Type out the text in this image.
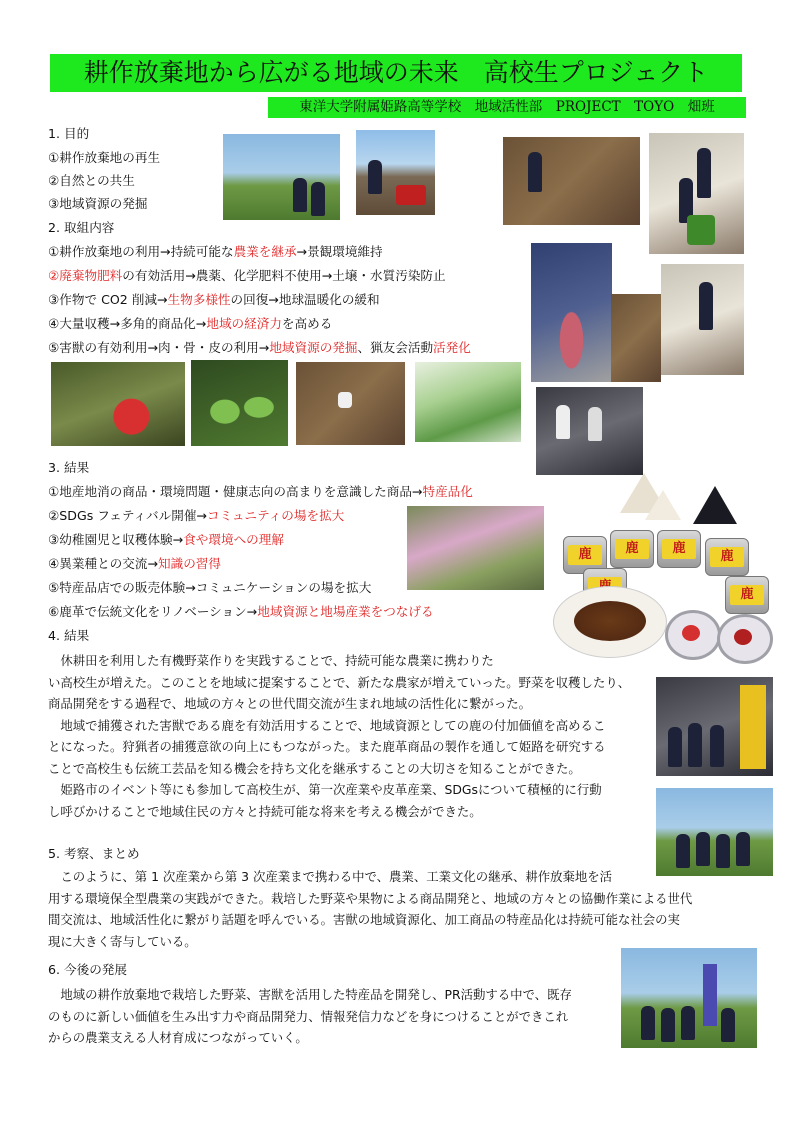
耕作放棄地から広がる地域の未来　高校生プロジェクト
東洋大学附属姫路高等学校　地域活性部　PROJECT　TOYO　畑班
1. 目的
①耕作放棄地の再生
②自然との共生
③地域資源の発掘
2. 取組内容
①耕作放棄地の利用→持続可能な農業を継承→景観環境維持
②廃棄物肥料の有効活用→農薬、化学肥料不使用→土壌・水質汚染防止
③作物で CO2 削減→生物多様性の回復→地球温暖化の緩和
④大量収穫→多角的商品化→地域の経済力を高める
⑤害獣の有効利用→肉・骨・皮の利用→地域資源の発掘、猟友会活動活発化
3. 結果
①地産地消の商品・環境問題・健康志向の高まりを意識した商品→特産品化
②SDGs フェティバル開催→コミュニティの場を拡大
③幼稚園児と収穫体験→食や環境への理解
④異業種との交流→知識の習得
⑤特産品店での販売体験→コミュニケーションの場を拡大
⑥鹿革で伝統文化をリノベーション→地域資源と地場産業をつなげる
4. 結果
　休耕田を利用した有機野菜作りを実践することで、持続可能な農業に携わりた
い高校生が増えた。このことを地域に提案することで、新たな農家が増えていった。野菜を収穫したり、
商品開発をする過程で、地域の方々との世代間交流が生まれ地域の活性化に繋がった。
　地域で捕獲された害獣である鹿を有効活用することで、地域資源としての鹿の付加価値を高めるこ
とになった。狩猟者の捕獲意欲の向上にもつながった。また鹿革商品の製作を通して姫路を研究する
ことで高校生も伝統工芸品を知る機会を持ち文化を継承することの大切さを知ることができた。
　姫路市のイベント等にも参加して高校生が、第一次産業や皮革産業、SDGsについて積極的に行動
し呼びかけることで地域住民の方々と持続可能な将来を考える機会ができた。
5. 考察、まとめ
　このように、第 1 次産業から第 3 次産業まで携わる中で、農業、工業文化の継承、耕作放棄地を活
用する環境保全型農業の実践ができた。栽培した野菜や果物による商品開発と、地域の方々との協働作業による世代
間交流は、地域活性化に繋がり話題を呼んでいる。害獣の地域資源化、加工商品の特産品化は持続可能な社会の実
現に大きく寄与している。
6. 今後の発展
　地域の耕作放棄地で栽培した野菜、害獣を活用した特産品を開発し、PR活動する中で、既存
のものに新しい価値を生み出す力や商品開発力、情報発信力などを身につけることができこれ
からの農業支える人材育成につながっていく。
鹿	鹿	鹿
鹿
鹿
